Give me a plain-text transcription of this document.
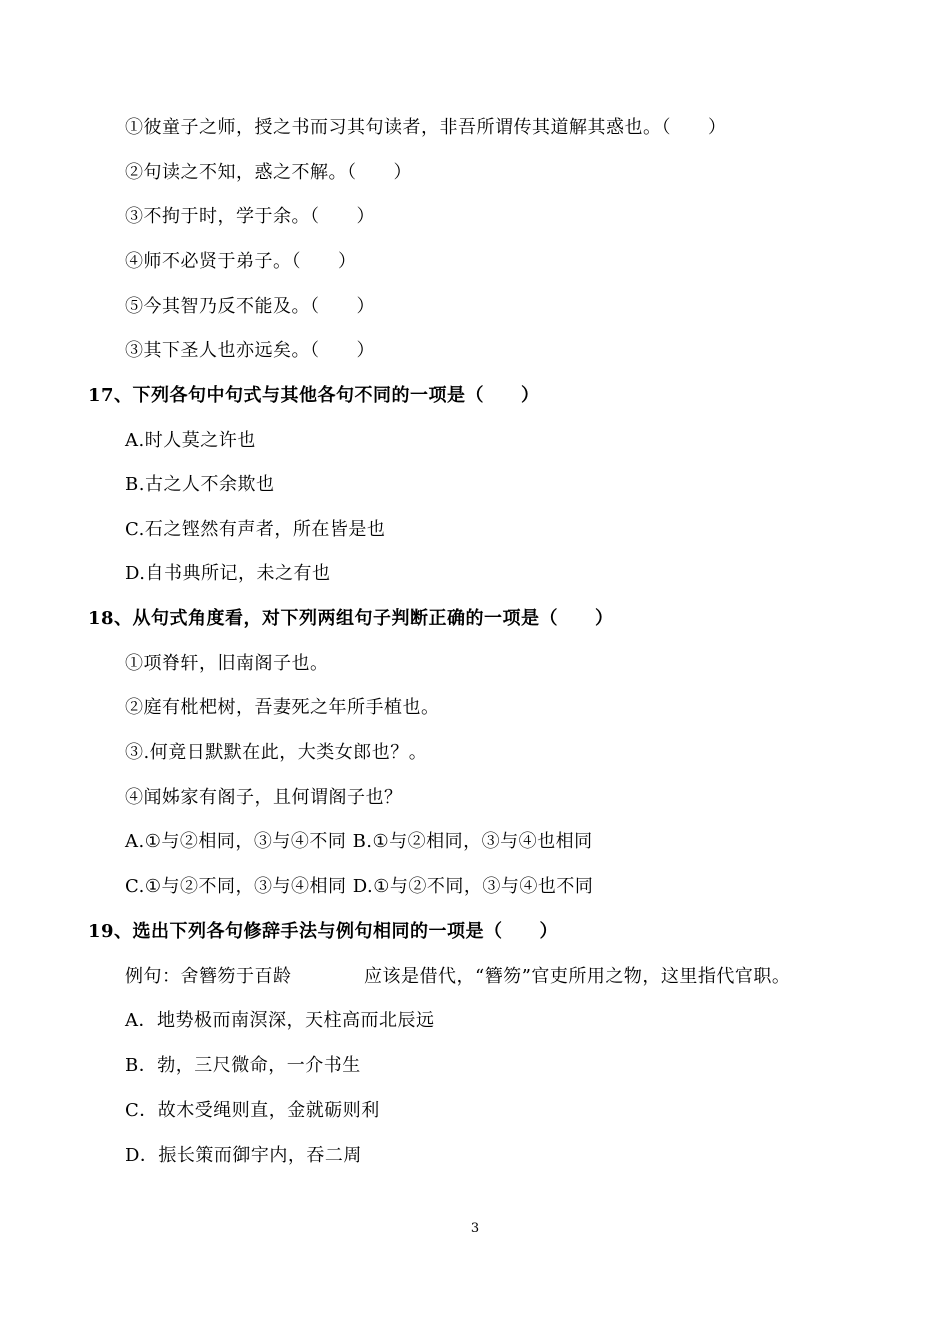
①彼童子之师，授之书而习其句读者，非吾所谓传其道解其惑也。（　　）
②句读之不知，惑之不解。（　　）
③不拘于时，学于余。（　　）
④师不必贤于弟子。（　　）
⑤今其智乃反不能及。（　　）
③其下圣人也亦远矣。（　　）
17、下列各句中句式与其他各句不同的一项是（　　）
A.时人莫之许也
B.古之人不余欺也
C.石之铿然有声者，所在皆是也
D.自书典所记，未之有也
18、从句式角度看，对下列两组句子判断正确的一项是（　　）
①项脊轩，旧南阁子也。
②庭有枇杷树，吾妻死之年所手植也。
③.何竟日默默在此，大类女郎也？。
④闻姊家有阁子，且何谓阁子也？
A.①与②相同，③与④不同 B.①与②相同，③与④也相同
C.①与②不同，③与④相同 D.①与②不同，③与④也不同
19、选出下列各句修辞手法与例句相同的一项是（　　）
例句：舍簪笏于百龄	应该是借代，“簪笏”官吏所用之物，这里指代官职。
A．地势极而南溟深，天柱高而北辰远
B．勃，三尺微命，一介书生
C．故木受绳则直，金就砺则利
D．振长策而御宇内，吞二周
3
